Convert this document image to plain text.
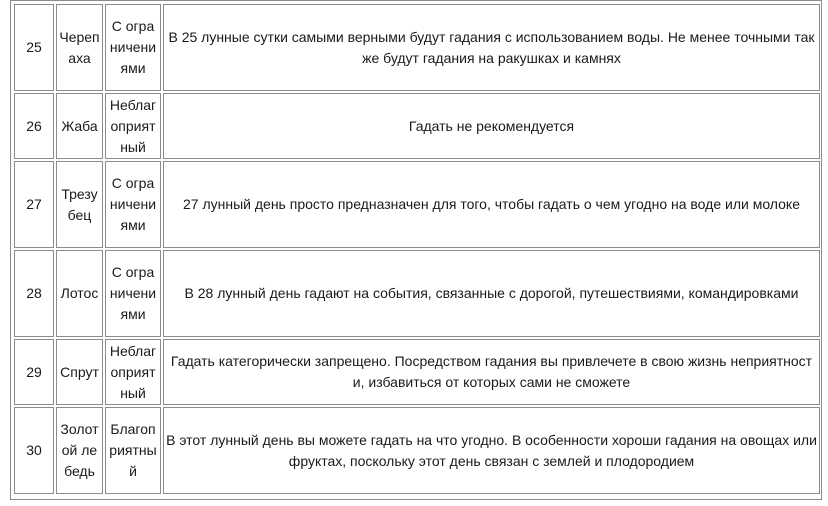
25	Черепаха	С ограничениями	В 25 лунные сутки самыми верными будут гадания с использованием воды. Не менее точными также будут гадания на ракушках и камнях
26	Жаба	Неблагоприятный	Гадать не рекомендуется
27	Трезубец	С ограничениями	27 лунный день просто предназначен для того, чтобы гадать о чем угодно на воде или молоке
28	Лотос	С ограничениями	В 28 лунный день гадают на события, связанные с дорогой, путешествиями, командировками
29	Спрут	Неблагоприятный	Гадать категорически запрещено. Посредством гадания вы привлечете в свою жизнь неприятности, избавиться от которых сами не сможете
30	Золотой лебедь	Благоприятный	В этот лунный день вы можете гадать на что угодно. В особенности хороши гадания на овощах или фруктах, поскольку этот день связан с землей и плодородием
